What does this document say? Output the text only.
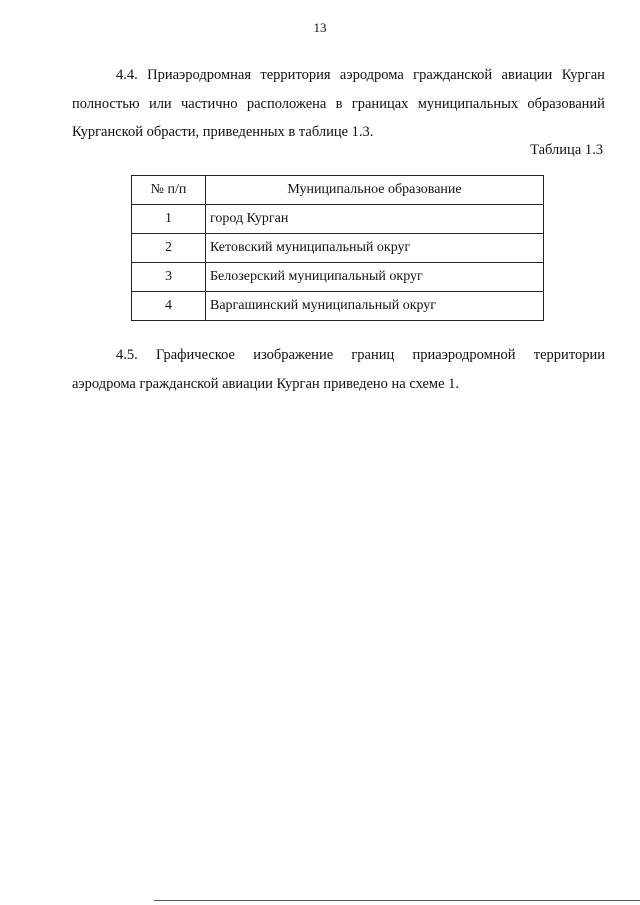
13
4.4. Приаэродромная территория аэродрома гражданской авиации Курган
полностью или частично расположена в границах муниципальных образований
Курганской обрасти, приведенных в таблице 1.3.
Таблица 1.3
№ п/п	Муниципальное образование
1	город Курган
2	Кетовский муниципальный округ
3	Белозерский муниципальный округ
4	Варгашинский муниципальный округ
4.5. Графическое изображение границ приаэродромной территории
аэродрома гражданской авиации Курган приведено на схеме 1.
